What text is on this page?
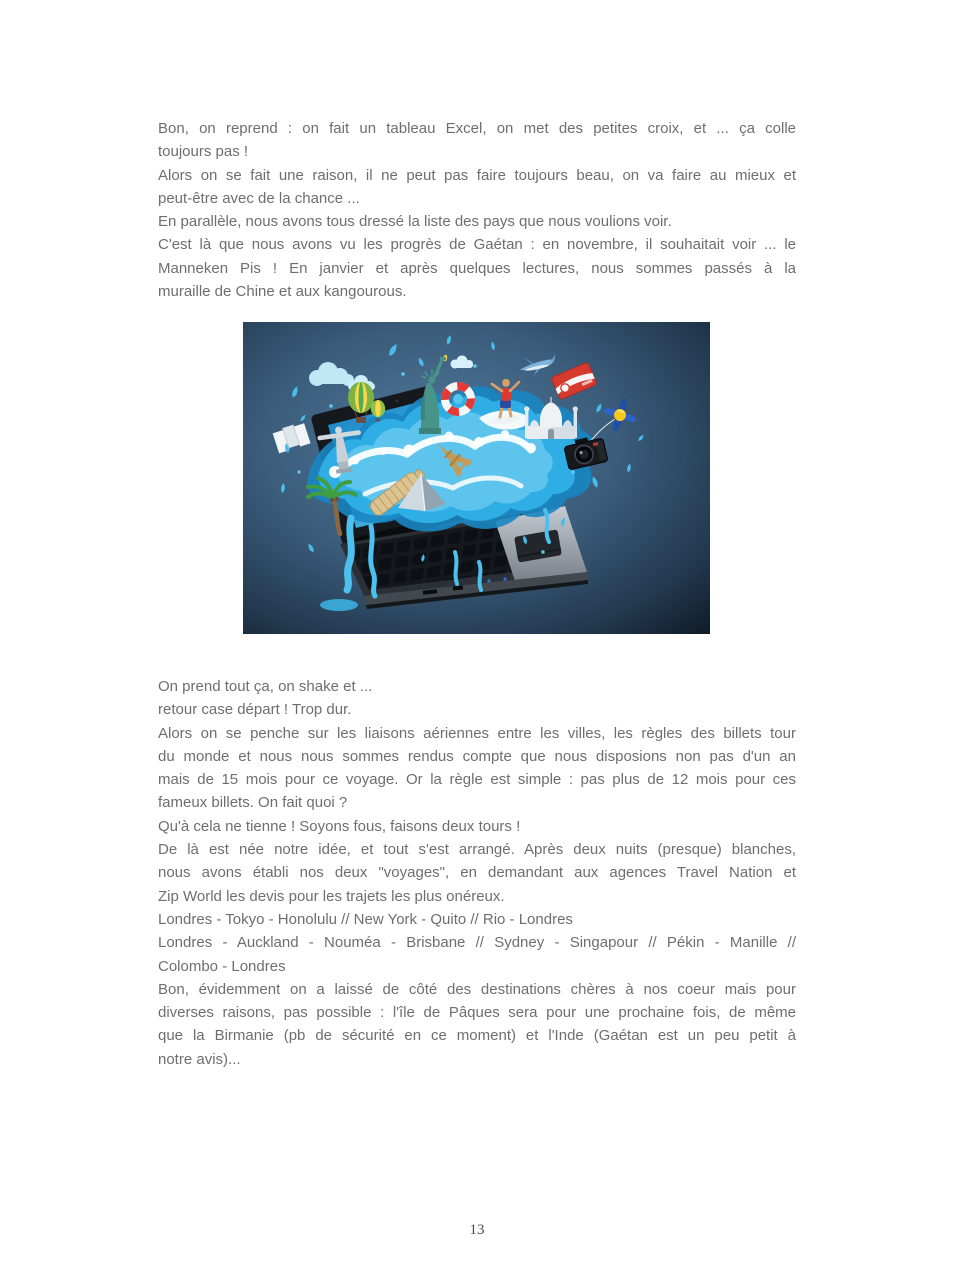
Bon, on reprend : on fait un tableau Excel, on met des petites croix, et ... ça colle
toujours pas !
Alors on se fait une raison, il ne peut pas faire toujours beau, on va faire au mieux et
peut-être avec de la chance ...
En parallèle, nous avons tous dressé la liste des pays que nous voulions voir.
C'est là que nous avons vu les progrès de Gaétan : en novembre, il souhaitait voir ... le
Manneken Pis ! En janvier et après quelques lectures, nous sommes passés à la
muraille de Chine et aux kangourous.
On prend tout ça, on shake et ...
retour case départ ! Trop dur.
Alors on se penche sur les liaisons aériennes entre les villes, les règles des billets tour
du monde et nous nous sommes rendus compte que nous disposions non pas d'un an
mais de 15 mois pour ce voyage. Or la règle est simple : pas plus de 12 mois pour ces
fameux billets. On fait quoi ?
Qu'à cela ne tienne ! Soyons fous, faisons deux tours !
De là est née notre idée, et tout s'est arrangé. Après deux nuits (presque) blanches,
nous avons établi nos deux "voyages", en demandant aux agences Travel Nation et
Zip World les devis pour les trajets les plus onéreux.
Londres - Tokyo - Honolulu // New York - Quito // Rio - Londres
Londres - Auckland - Nouméa - Brisbane // Sydney - Singapour // Pékin - Manille //
Colombo - Londres
Bon, évidemment on a laissé de côté des destinations chères à nos coeur mais pour
diverses raisons, pas possible : l'île de Pâques sera pour une prochaine fois, de même
que la Birmanie (pb de sécurité en ce moment) et l'Inde (Gaétan est un peu petit à
notre avis)...
13
